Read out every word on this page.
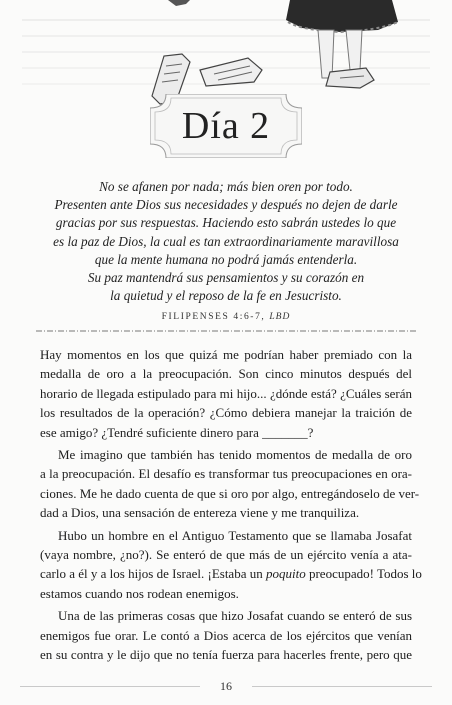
Día 2
No se afanen por nada; más bien oren por todo.
Presenten ante Dios sus necesidades y después no dejen de darle
gracias por sus respuestas. Haciendo esto sabrán ustedes lo que
es la paz de Dios, la cual es tan extraordinariamente maravillosa
que la mente humana no podrá jamás entenderla.
Su paz mantendrá sus pensamientos y su corazón en
la quietud y el reposo de la fe en Jesucristo.
FILIPENSES 4:6-7, LBD
Hay momentos en los que quizá me podrían haber premiado con la
medalla de oro a la preocupación. Son cinco minutos después del
horario de llegada estipulado para mi hijo... ¿dónde está? ¿Cuáles serán
los resultados de la operación? ¿Cómo debiera manejar la traición de
ese amigo? ¿Tendré suficiente dinero para _______?
Me imagino que también has tenido momentos de medalla de oro
a la preocupación. El desafío es transformar tus preocupaciones en ora-
ciones. Me he dado cuenta de que si oro por algo, entregándoselo de ver-
dad a Dios, una sensación de entereza viene y me tranquiliza.
Hubo un hombre en el Antiguo Testamento que se llamaba Josafat
(vaya nombre, ¿no?). Se enteró de que más de un ejército venía a ata-
carlo a él y a los hijos de Israel. ¡Estaba un poquito preocupado! Todos lo
estamos cuando nos rodean enemigos.
Una de las primeras cosas que hizo Josafat cuando se enteró de sus
enemigos fue orar. Le contó a Dios acerca de los ejércitos que venían
en su contra y le dijo que no tenía fuerza para hacerles frente, pero que
16
